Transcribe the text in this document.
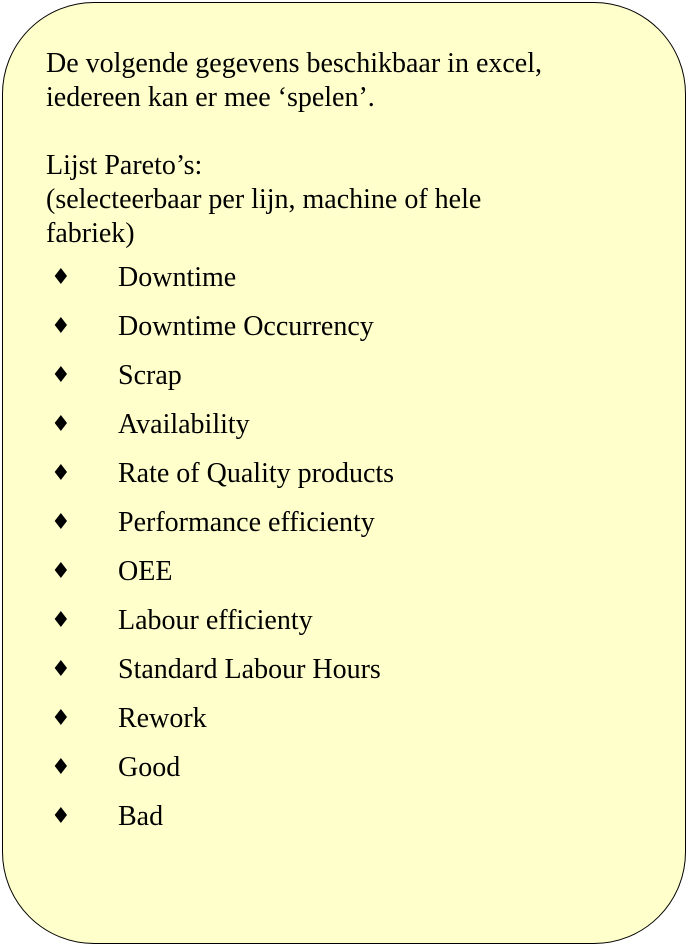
De volgende gegevens beschikbaar in excel,
iedereen kan er mee ‘spelen’.

Lijst Pareto’s:
(selecteerbaar per lijn, machine of hele
fabriek)

♦	Downtime
♦	Downtime Occurrency
♦	Scrap
♦	Availability
♦	Rate of Quality products
♦	Performance efficienty
♦	OEE
♦	Labour efficienty
♦	Standard Labour Hours
♦	Rework
♦	Good
♦	Bad
